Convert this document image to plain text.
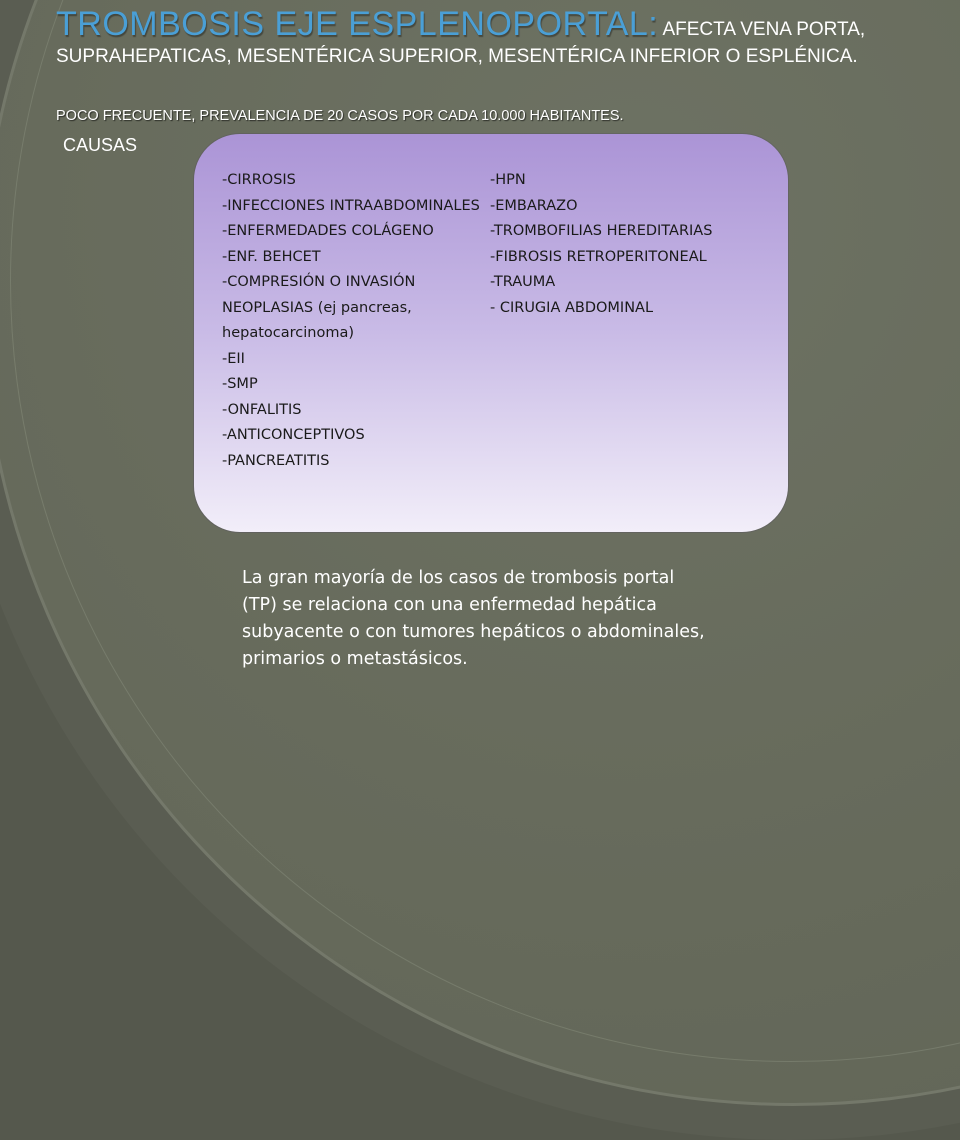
TROMBOSIS EJE ESPLENOPORTAL: AFECTA VENA PORTA, SUPRAHEPATICAS, MESENTÉRICA SUPERIOR, MESENTÉRICA INFERIOR O ESPLÉNICA.
POCO FRECUENTE, PREVALENCIA DE 20 CASOS POR CADA 10.000 HABITANTES.
CAUSAS
-CIRROSIS
-INFECCIONES INTRAABDOMINALES
-ENFERMEDADES COLÁGENO
-ENF. BEHCET
-COMPRESIÓN O INVASIÓN NEOPLASIAS (ej pancreas, hepatocarcinoma)
-EII
-SMP
-ONFALITIS
-ANTICONCEPTIVOS
-PANCREATITIS
-HPN
-EMBARAZO
-TROMBOFILIAS HEREDITARIAS
-FIBROSIS RETROPERITONEAL
-TRAUMA
- CIRUGIA ABDOMINAL
La gran mayoría de los casos de trombosis portal (TP) se relaciona con una enfermedad hepática subyacente o con tumores hepáticos o abdominales, primarios o metastásicos.
